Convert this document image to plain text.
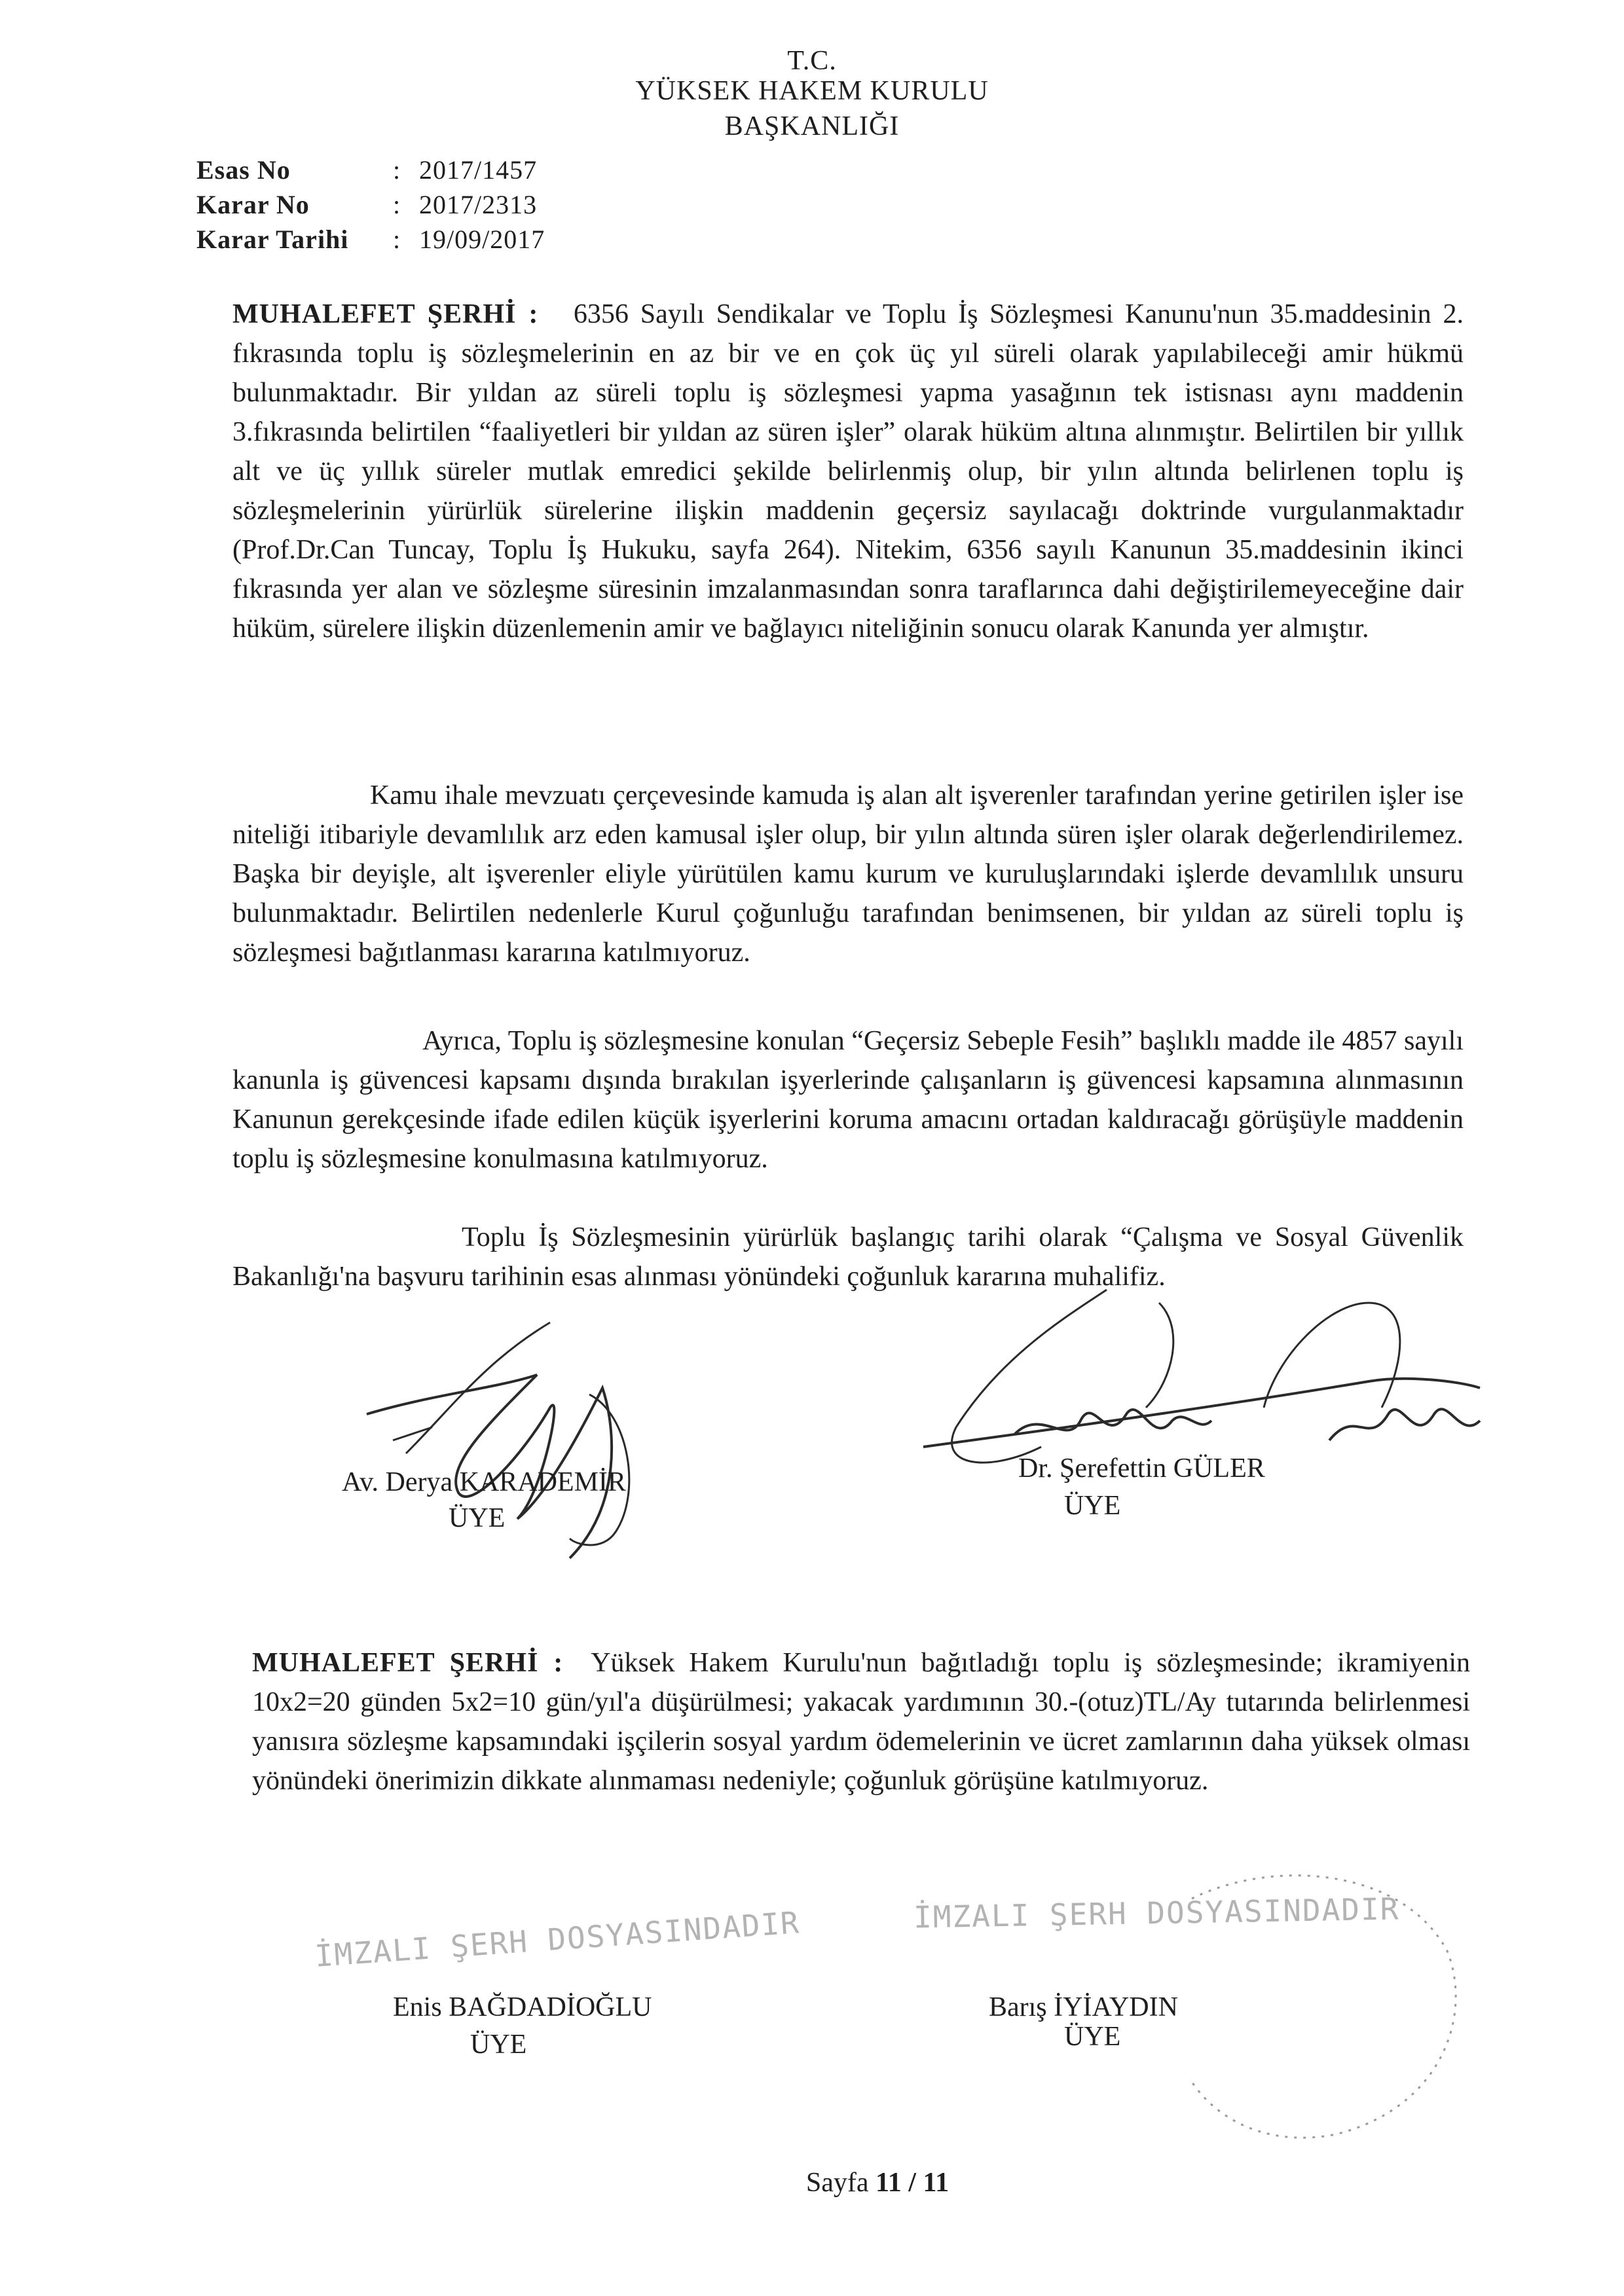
T.C.
YÜKSEK HAKEM KURULU
BAŞKANLIĞI
Esas No	: 2017/1457
Karar No	: 2017/2313
Karar Tarihi	: 19/09/2017
MUHALEFET ŞERHİ : 6356 Sayılı Sendikalar ve Toplu İş Sözleşmesi Kanunu'nun 35.maddesinin 2. fıkrasında toplu iş sözleşmelerinin en az bir ve en çok üç yıl süreli olarak yapılabileceği amir hükmü bulunmaktadır. Bir yıldan az süreli toplu iş sözleşmesi yapma yasağının tek istisnası aynı maddenin 3.fıkrasında belirtilen “faaliyetleri bir yıldan az süren işler” olarak hüküm altına alınmıştır. Belirtilen bir yıllık alt ve üç yıllık süreler mutlak emredici şekilde belirlenmiş olup, bir yılın altında belirlenen toplu iş sözleşmelerinin yürürlük sürelerine ilişkin maddenin geçersiz sayılacağı doktrinde vurgulanmaktadır (Prof.Dr.Can Tuncay, Toplu İş Hukuku, sayfa 264). Nitekim, 6356 sayılı Kanunun 35.maddesinin ikinci fıkrasında yer alan ve sözleşme süresinin imzalanmasından sonra taraflarınca dahi değiştirilemeyeceğine dair hüküm, sürelere ilişkin düzenlemenin amir ve bağlayıcı niteliğinin sonucu olarak Kanunda yer almıştır.
Kamu ihale mevzuatı çerçevesinde kamuda iş alan alt işverenler tarafından yerine getirilen işler ise niteliği itibariyle devamlılık arz eden kamusal işler olup, bir yılın altında süren işler olarak değerlendirilemez. Başka bir deyişle, alt işverenler eliyle yürütülen kamu kurum ve kuruluşlarındaki işlerde devamlılık unsuru bulunmaktadır. Belirtilen nedenlerle Kurul çoğunluğu tarafından benimsenen, bir yıldan az süreli toplu iş sözleşmesi bağıtlanması kararına katılmıyoruz.
Ayrıca, Toplu iş sözleşmesine konulan “Geçersiz Sebeple Fesih” başlıklı madde ile 4857 sayılı kanunla iş güvencesi kapsamı dışında bırakılan işyerlerinde çalışanların iş güvencesi kapsamına alınmasının Kanunun gerekçesinde ifade edilen küçük işyerlerini koruma amacını ortadan kaldıracağı görüşüyle maddenin toplu iş sözleşmesine konulmasına katılmıyoruz.
Toplu İş Sözleşmesinin yürürlük başlangıç tarihi olarak “Çalışma ve Sosyal Güvenlik Bakanlığı'na başvuru tarihinin esas alınması yönündeki çoğunluk kararına muhalifiz.
Av. Derya KARADEMİR
ÜYE
Dr. Şerefettin GÜLER
ÜYE
MUHALEFET ŞERHİ : Yüksek Hakem Kurulu'nun bağıtladığı toplu iş sözleşmesinde; ikramiyenin 10x2=20 günden 5x2=10 gün/yıl'a düşürülmesi; yakacak yardımının 30.-(otuz)TL/Ay tutarında belirlenmesi yanısıra sözleşme kapsamındaki işçilerin sosyal yardım ödemelerinin ve ücret zamlarının daha yüksek olması yönündeki önerimizin dikkate alınmaması nedeniyle; çoğunluk görüşüne katılmıyoruz.
İMZALI ŞERH DOSYASINDADIR	İMZALI ŞERH DOSYASINDADIR
Enis BAĞDADİOĞLU
ÜYE
Barış İYİAYDIN
ÜYE
Sayfa 11 / 11
